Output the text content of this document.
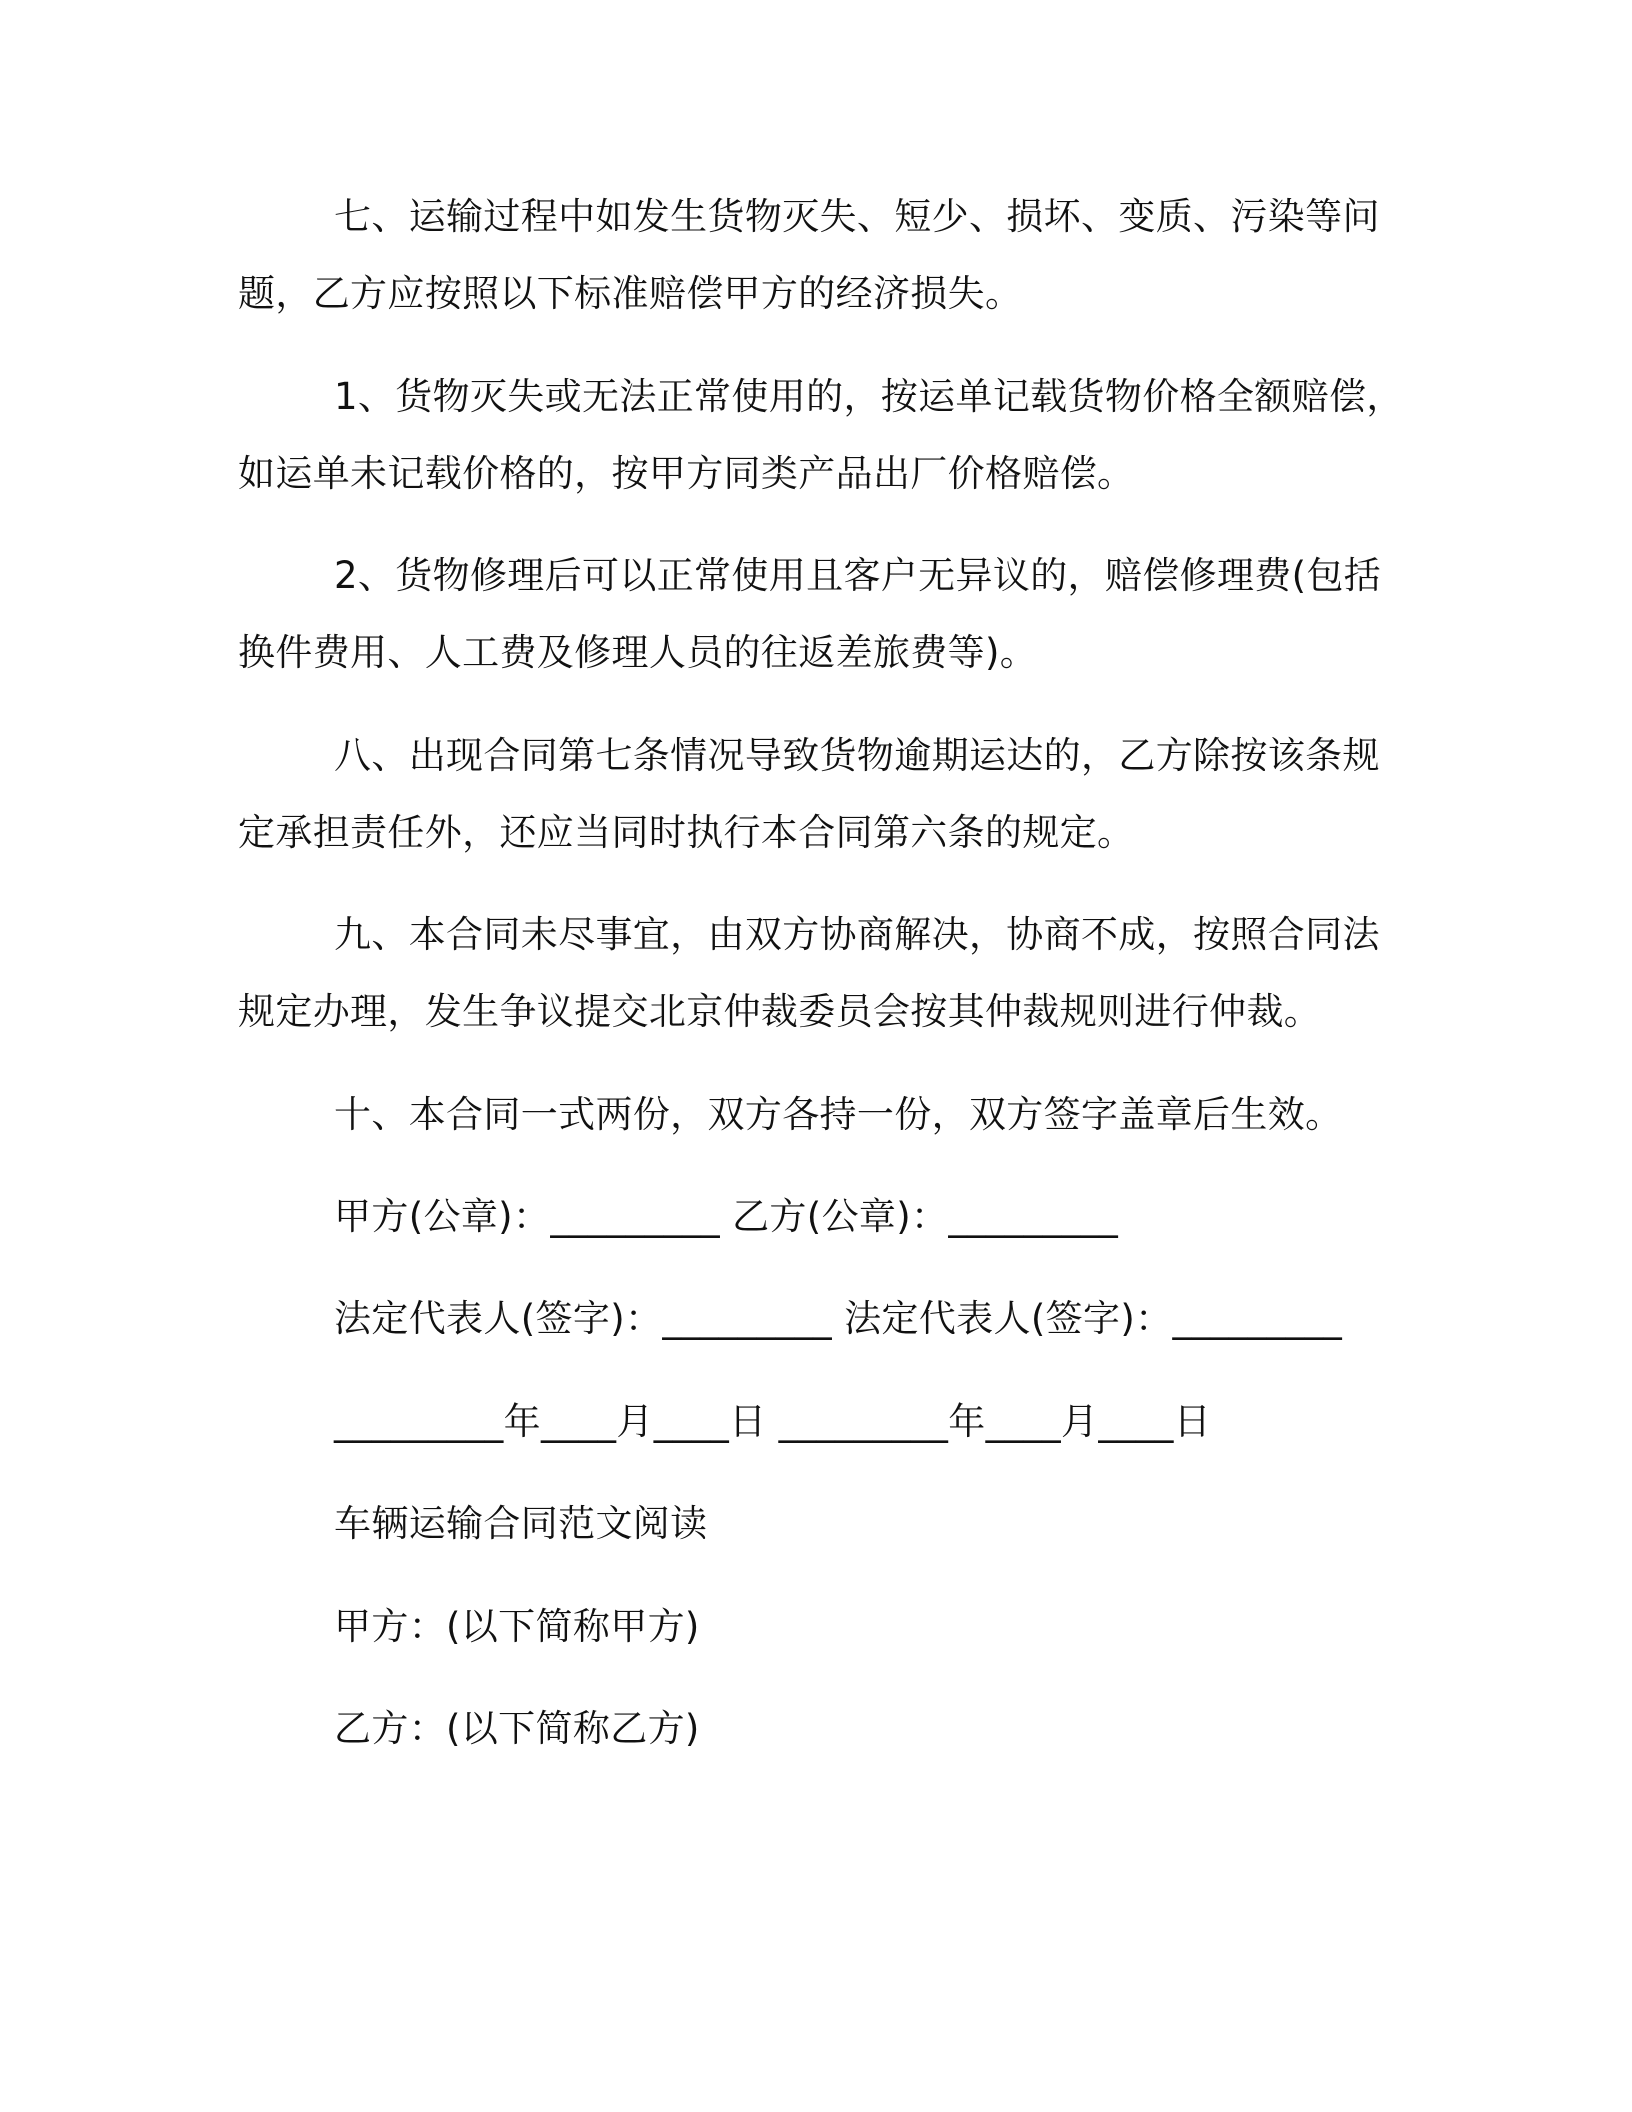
七、运输过程中如发生货物灭失、短少、损坏、变质、污染等问

题，乙方应按照以下标准赔偿甲方的经济损失。

1、货物灭失或无法正常使用的，按运单记载货物价格全额赔偿，

如运单未记载价格的，按甲方同类产品出厂价格赔偿。

2、货物修理后可以正常使用且客户无异议的，赔偿修理费(包括

换件费用、人工费及修理人员的往返差旅费等)。

八、出现合同第七条情况导致货物逾期运达的，乙方除按该条规

定承担责任外，还应当同时执行本合同第六条的规定。

九、本合同未尽事宜，由双方协商解决，协商不成，按照合同法

规定办理，发生争议提交北京仲裁委员会按其仲裁规则进行仲裁。

十、本合同一式两份，双方各持一份，双方签字盖章后生效。

甲方(公章)：_________ 乙方(公章)：_________

法定代表人(签字)：_________ 法定代表人(签字)：_________

_________年____月____日 _________年____月____日

车辆运输合同范文阅读

甲方：(以下简称甲方)

乙方：(以下简称乙方)
